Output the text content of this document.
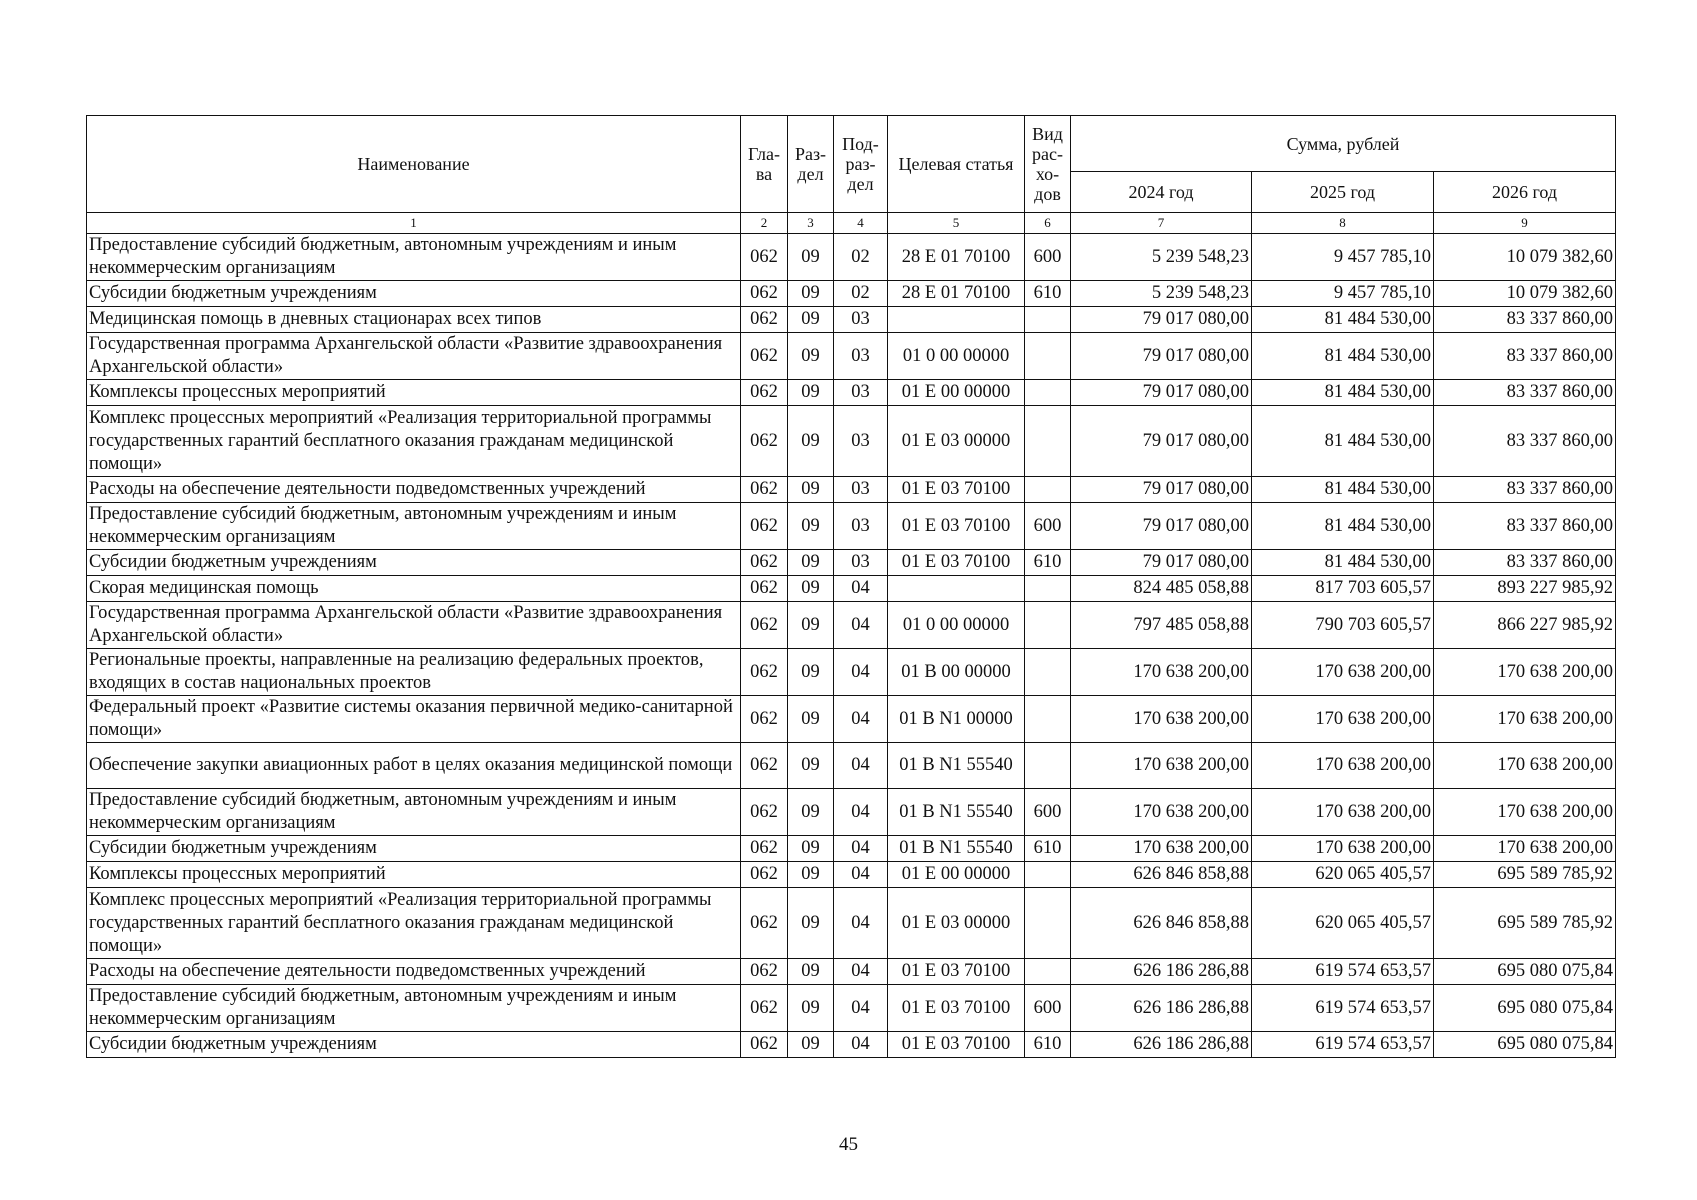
Наименование	Гла-ва	Раз-дел	Под-раз-дел	Целевая статья	Вид рас-хо-дов	Сумма, рублей		
						2024 год	2025 год	2026 год
1	2	3	4	5	6	7	8	9
Предоставление субсидий бюджетным, автономным учреждениям и иным некоммерческим организациям	062	09	02	28 Е 01 70100	600	5 239 548,23	9 457 785,10	10 079 382,60
Субсидии бюджетным учреждениям	062	09	02	28 Е 01 70100	610	5 239 548,23	9 457 785,10	10 079 382,60
Медицинская помощь в дневных стационарах всех типов	062	09	03			79 017 080,00	81 484 530,00	83 337 860,00
Государственная программа Архангельской области «Развитие здравоохранения Архангельской области»	062	09	03	01 0 00 00000		79 017 080,00	81 484 530,00	83 337 860,00
Комплексы процессных мероприятий	062	09	03	01 Е 00 00000		79 017 080,00	81 484 530,00	83 337 860,00
Комплекс процессных мероприятий «Реализация территориальной программы государственных гарантий бесплатного оказания гражданам медицинской помощи»	062	09	03	01 Е 03 00000		79 017 080,00	81 484 530,00	83 337 860,00
Расходы на обеспечение деятельности подведомственных учреждений	062	09	03	01 Е 03 70100		79 017 080,00	81 484 530,00	83 337 860,00
Предоставление субсидий бюджетным, автономным учреждениям и иным некоммерческим организациям	062	09	03	01 Е 03 70100	600	79 017 080,00	81 484 530,00	83 337 860,00
Субсидии бюджетным учреждениям	062	09	03	01 Е 03 70100	610	79 017 080,00	81 484 530,00	83 337 860,00
Скорая медицинская помощь	062	09	04			824 485 058,88	817 703 605,57	893 227 985,92
Государственная программа Архангельской области «Развитие здравоохранения Архангельской области»	062	09	04	01 0 00 00000		797 485 058,88	790 703 605,57	866 227 985,92
Региональные проекты, направленные на реализацию федеральных проектов, входящих в состав национальных проектов	062	09	04	01 В 00 00000		170 638 200,00	170 638 200,00	170 638 200,00
Федеральный проект «Развитие системы оказания первичной медико-санитарной помощи»	062	09	04	01 В N1 00000		170 638 200,00	170 638 200,00	170 638 200,00
Обеспечение закупки авиационных работ в целях оказания медицинской помощи	062	09	04	01 В N1 55540		170 638 200,00	170 638 200,00	170 638 200,00
Предоставление субсидий бюджетным, автономным учреждениям и иным некоммерческим организациям	062	09	04	01 В N1 55540	600	170 638 200,00	170 638 200,00	170 638 200,00
Субсидии бюджетным учреждениям	062	09	04	01 В N1 55540	610	170 638 200,00	170 638 200,00	170 638 200,00
Комплексы процессных мероприятий	062	09	04	01 Е 00 00000		626 846 858,88	620 065 405,57	695 589 785,92
Комплекс процессных мероприятий «Реализация территориальной программы государственных гарантий бесплатного оказания гражданам медицинской помощи»	062	09	04	01 Е 03 00000		626 846 858,88	620 065 405,57	695 589 785,92
Расходы на обеспечение деятельности подведомственных учреждений	062	09	04	01 Е 03 70100		626 186 286,88	619 574 653,57	695 080 075,84
Предоставление субсидий бюджетным, автономным учреждениям и иным некоммерческим организациям	062	09	04	01 Е 03 70100	600	626 186 286,88	619 574 653,57	695 080 075,84
Субсидии бюджетным учреждениям	062	09	04	01 Е 03 70100	610	626 186 286,88	619 574 653,57	695 080 075,84
45
